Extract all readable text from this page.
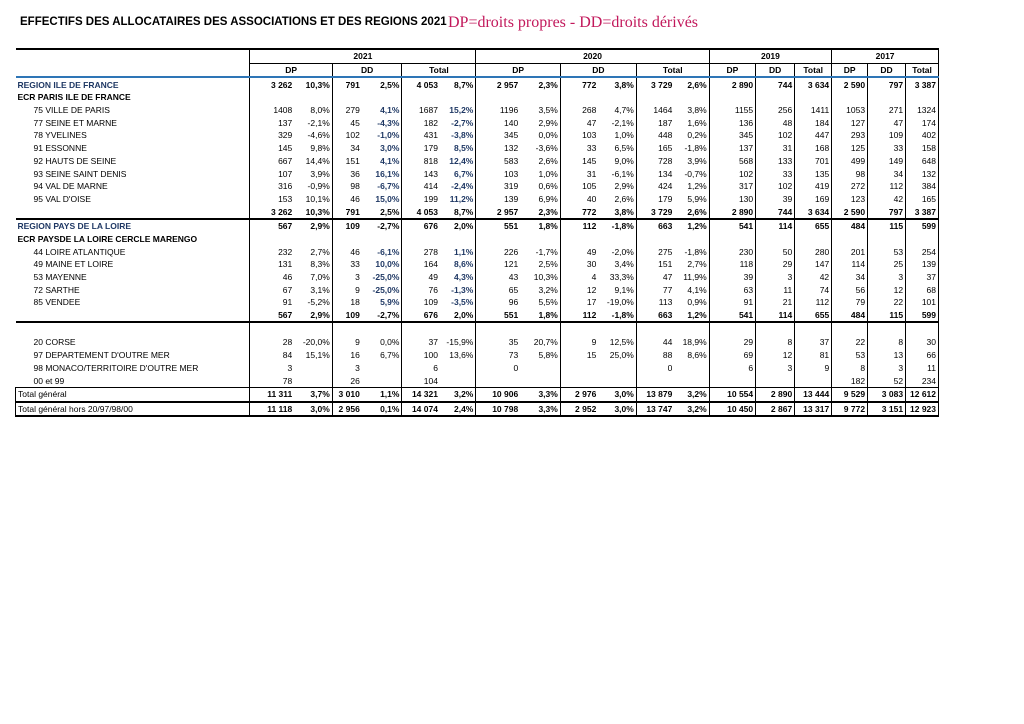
EFFECTIFS DES ALLOCATAIRES DES ASSOCIATIONS ET DES REGIONS 2021 DP=droits propres - DD=droits dérivés
	2021						2020						2019			2017		
	DP		DD		Total		DP		DD		Total		DP	DD	Total	DP	DD	Total
REGION ILE DE FRANCE	3 262	10,3%	791	2,5%	4 053	8,7%	2 957	2,3%	772	3,8%	3 729	2,6%	2 890	744	3 634	2 590	797	3 387
ECR PARIS ILE DE FRANCE																		
75 VILLE DE PARIS	1408	8,0%	279	4,1%	1687	15,2%	1196	3,5%	268	4,7%	1464	3,8%	1155	256	1411	1053	271	1324
77 SEINE ET MARNE	137	-2,1%	45	-4,3%	182	-2,7%	140	2,9%	47	-2,1%	187	1,6%	136	48	184	127	47	174
78 YVELINES	329	-4,6%	102	-1,0%	431	-3,8%	345	0,0%	103	1,0%	448	0,2%	345	102	447	293	109	402
91 ESSONNE	145	9,8%	34	3,0%	179	8,5%	132	-3,6%	33	6,5%	165	-1,8%	137	31	168	125	33	158
92 HAUTS DE SEINE	667	14,4%	151	4,1%	818	12,4%	583	2,6%	145	9,0%	728	3,9%	568	133	701	499	149	648
93 SEINE SAINT DENIS	107	3,9%	36	16,1%	143	6,7%	103	1,0%	31	-6,1%	134	-0,7%	102	33	135	98	34	132
94 VAL DE MARNE	316	-0,9%	98	-6,7%	414	-2,4%	319	0,6%	105	2,9%	424	1,2%	317	102	419	272	112	384
95 VAL D'OISE	153	10,1%	46	15,0%	199	11,2%	139	6,9%	40	2,6%	179	5,9%	130	39	169	123	42	165
	3 262	10,3%	791	2,5%	4 053	8,7%	2 957	2,3%	772	3,8%	3 729	2,6%	2 890	744	3 634	2 590	797	3 387
REGION PAYS DE LA LOIRE	567	2,9%	109	-2,7%	676	2,0%	551	1,8%	112	-1,8%	663	1,2%	541	114	655	484	115	599
ECR PAYSDE LA LOIRE CERCLE MARENGO																		
44 LOIRE ATLANTIQUE	232	2,7%	46	-6,1%	278	1,1%	226	-1,7%	49	-2,0%	275	-1,8%	230	50	280	201	53	254
49 MAINE ET LOIRE	131	8,3%	33	10,0%	164	8,6%	121	2,5%	30	3,4%	151	2,7%	118	29	147	114	25	139
53 MAYENNE	46	7,0%	3	-25,0%	49	4,3%	43	10,3%	4	33,3%	47	11,9%	39	3	42	34	3	37
72 SARTHE	67	3,1%	9	-25,0%	76	-1,3%	65	3,2%	12	9,1%	77	4,1%	63	11	74	56	12	68
85 VENDEE	91	-5,2%	18	5,9%	109	-3,5%	96	5,5%	17	-19,0%	113	0,9%	91	21	112	79	22	101
	567	2,9%	109	-2,7%	676	2,0%	551	1,8%	112	-1,8%	663	1,2%	541	114	655	484	115	599

20 CORSE	28	-20,0%	9	0,0%	37	-15,9%	35	20,7%	9	12,5%	44	18,9%	29	8	37	22	8	30
97 DEPARTEMENT D'OUTRE MER	84	15,1%	16	6,7%	100	13,6%	73	5,8%	15	25,0%	88	8,6%	69	12	81	53	13	66
98 MONACO/TERRITOIRE D'OUTRE MER	3		3		6		0				0		6	3	9	8	3	11
00 et 99	78		26		104											182	52	234
Total général	11 311	3,7%	3 010	1,1%	14 321	3,2%	10 906	3,3%	2 976	3,0%	13 879	3,2%	10 554	2 890	13 444	9 529	3 083	12 612
Total général hors 20/97/98/00	11 118	3,0%	2 956	0,1%	14 074	2,4%	10 798	3,3%	2 952	3,0%	13 747	3,2%	10 450	2 867	13 317	9 772	3 151	12 923
